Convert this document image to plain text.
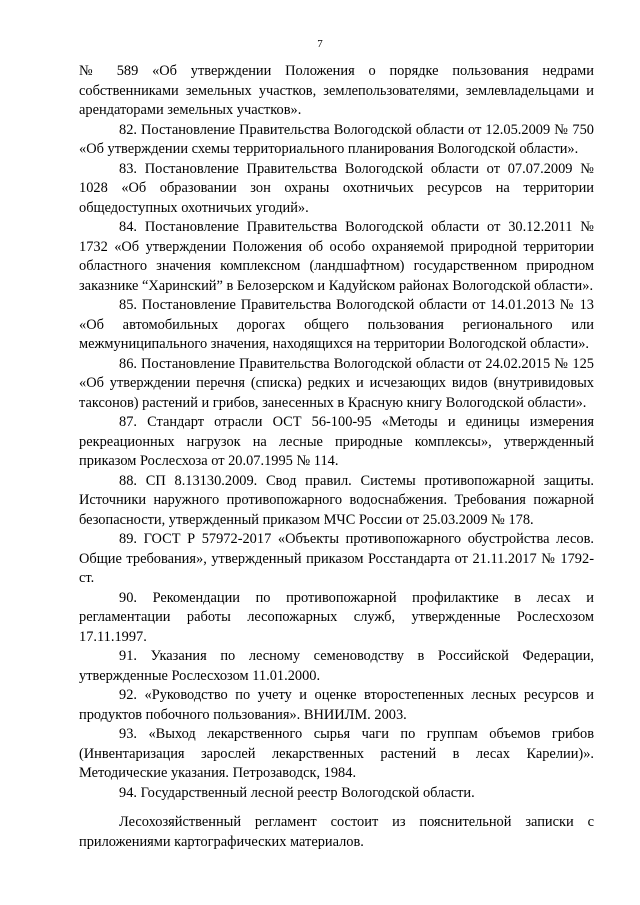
7

№ 589 «Об утверждении Положения о порядке пользования недрами собственниками земельных участков, землепользователями, землевладельцами и арендаторами земельных участков».

82. Постановление Правительства Вологодской области от 12.05.2009 № 750 «Об утверждении схемы территориального планирования Вологодской области».

83. Постановление Правительства Вологодской области от 07.07.2009 № 1028 «Об образовании зон охраны охотничьих ресурсов на территории общедоступных охотничьих угодий».

84. Постановление Правительства Вологодской области от 30.12.2011 № 1732 «Об утверждении Положения об особо охраняемой природной территории областного значения комплексном (ландшафтном) государственном природном заказнике “Харинский” в Белозерском и Кадуйском районах Вологодской области».

85. Постановление Правительства Вологодской области от 14.01.2013 № 13 «Об автомобильных дорогах общего пользования регионального или межмуниципального значения, находящихся на территории Вологодской области».

86. Постановление Правительства Вологодской области от 24.02.2015 № 125 «Об утверждении перечня (списка) редких и исчезающих видов (внутривидовых таксонов) растений и грибов, занесенных в Красную книгу Вологодской области».

87. Стандарт отрасли ОСТ 56-100-95 «Методы и единицы измерения рекреационных нагрузок на лесные природные комплексы», утвержденный приказом Рослесхоза от 20.07.1995 № 114.

88. СП 8.13130.2009. Свод правил. Системы противопожарной защиты. Источники наружного противопожарного водоснабжения. Требования пожарной безопасности, утвержденный приказом МЧС России от 25.03.2009 № 178.

89. ГОСТ Р 57972-2017 «Объекты противопожарного обустройства лесов. Общие требования», утвержденный приказом Росстандарта от 21.11.2017 № 1792-ст.

90. Рекомендации по противопожарной профилактике в лесах и регламентации работы лесопожарных служб, утвержденные Рослесхозом 17.11.1997.

91. Указания по лесному семеноводству в Российской Федерации, утвержденные Рослесхозом 11.01.2000.

92. «Руководство по учету и оценке второстепенных лесных ресурсов и продуктов побочного пользования». ВНИИЛМ. 2003.

93. «Выход лекарственного сырья чаги по группам объемов грибов (Инвентаризация зарослей лекарственных растений в лесах Карелии)». Методические указания. Петрозаводск, 1984.

94. Государственный лесной реестр Вологодской области.

Лесохозяйственный регламент состоит из пояснительной записки с приложениями картографических материалов.
